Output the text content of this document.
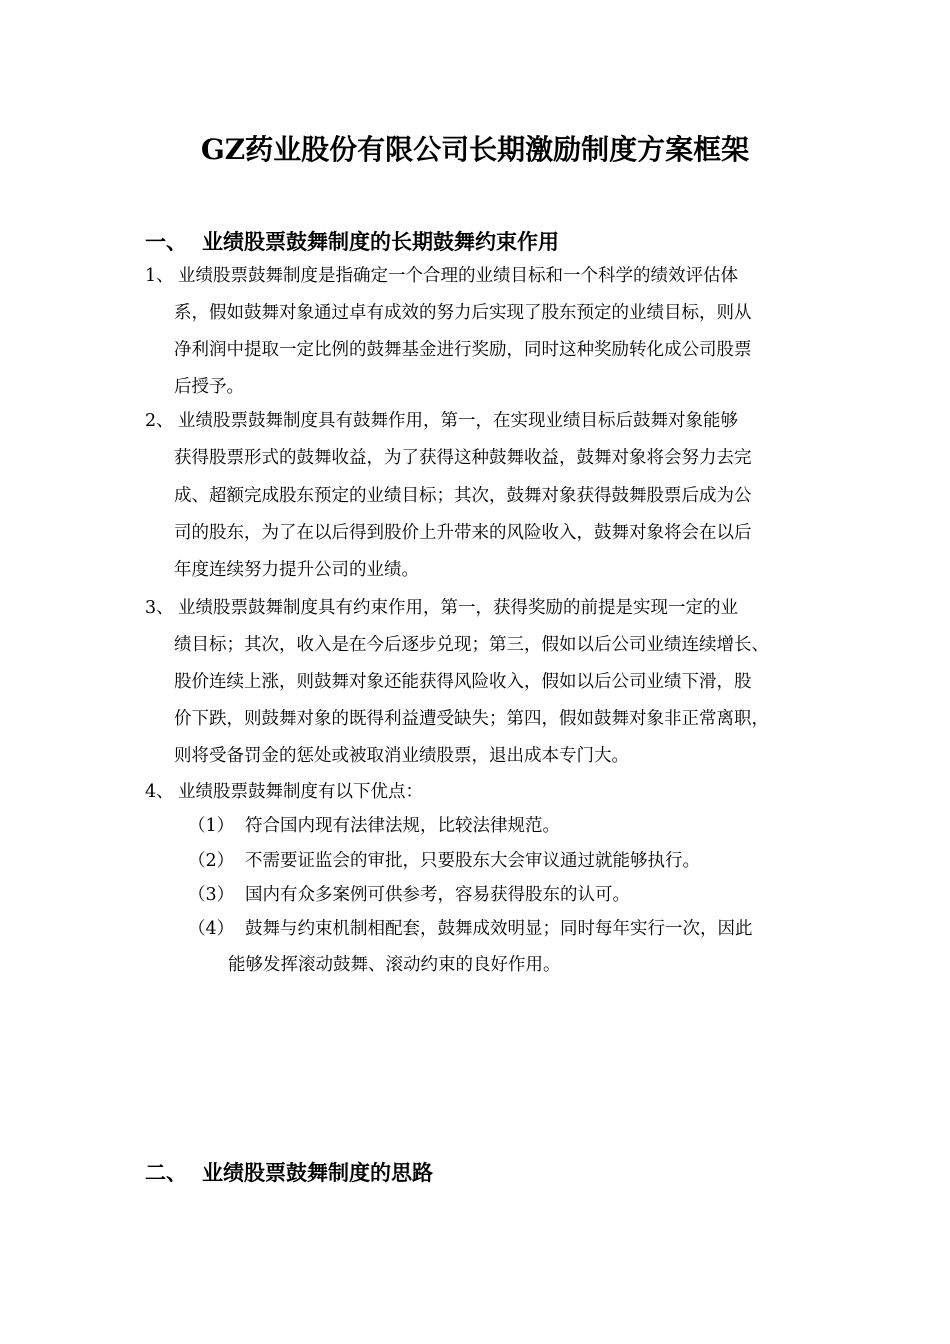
GZ药业股份有限公司长期激励制度方案框架
一、 业绩股票鼓舞制度的长期鼓舞约束作用
1、 业绩股票鼓舞制度是指确定一个合理的业绩目标和一个科学的绩效评估体
系，假如鼓舞对象通过卓有成效的努力后实现了股东预定的业绩目标，则从
净利润中提取一定比例的鼓舞基金进行奖励，同时这种奖励转化成公司股票
后授予。
2、 业绩股票鼓舞制度具有鼓舞作用，第一，在实现业绩目标后鼓舞对象能够
获得股票形式的鼓舞收益，为了获得这种鼓舞收益，鼓舞对象将会努力去完
成、超额完成股东预定的业绩目标；其次，鼓舞对象获得鼓舞股票后成为公
司的股东，为了在以后得到股价上升带来的风险收入，鼓舞对象将会在以后
年度连续努力提升公司的业绩。
3、 业绩股票鼓舞制度具有约束作用，第一，获得奖励的前提是实现一定的业
绩目标；其次，收入是在今后逐步兑现；第三，假如以后公司业绩连续增长、
股价连续上涨，则鼓舞对象还能获得风险收入，假如以后公司业绩下滑，股
价下跌，则鼓舞对象的既得利益遭受缺失；第四，假如鼓舞对象非正常离职，
则将受备罚金的惩处或被取消业绩股票，退出成本专门大。
4、 业绩股票鼓舞制度有以下优点：
（1） 符合国内现有法律法规，比较法律规范。
（2） 不需要证监会的审批，只要股东大会审议通过就能够执行。
（3） 国内有众多案例可供参考，容易获得股东的认可。
（4） 鼓舞与约束机制相配套，鼓舞成效明显；同时每年实行一次，因此
能够发挥滚动鼓舞、滚动约束的良好作用。
二、 业绩股票鼓舞制度的思路
